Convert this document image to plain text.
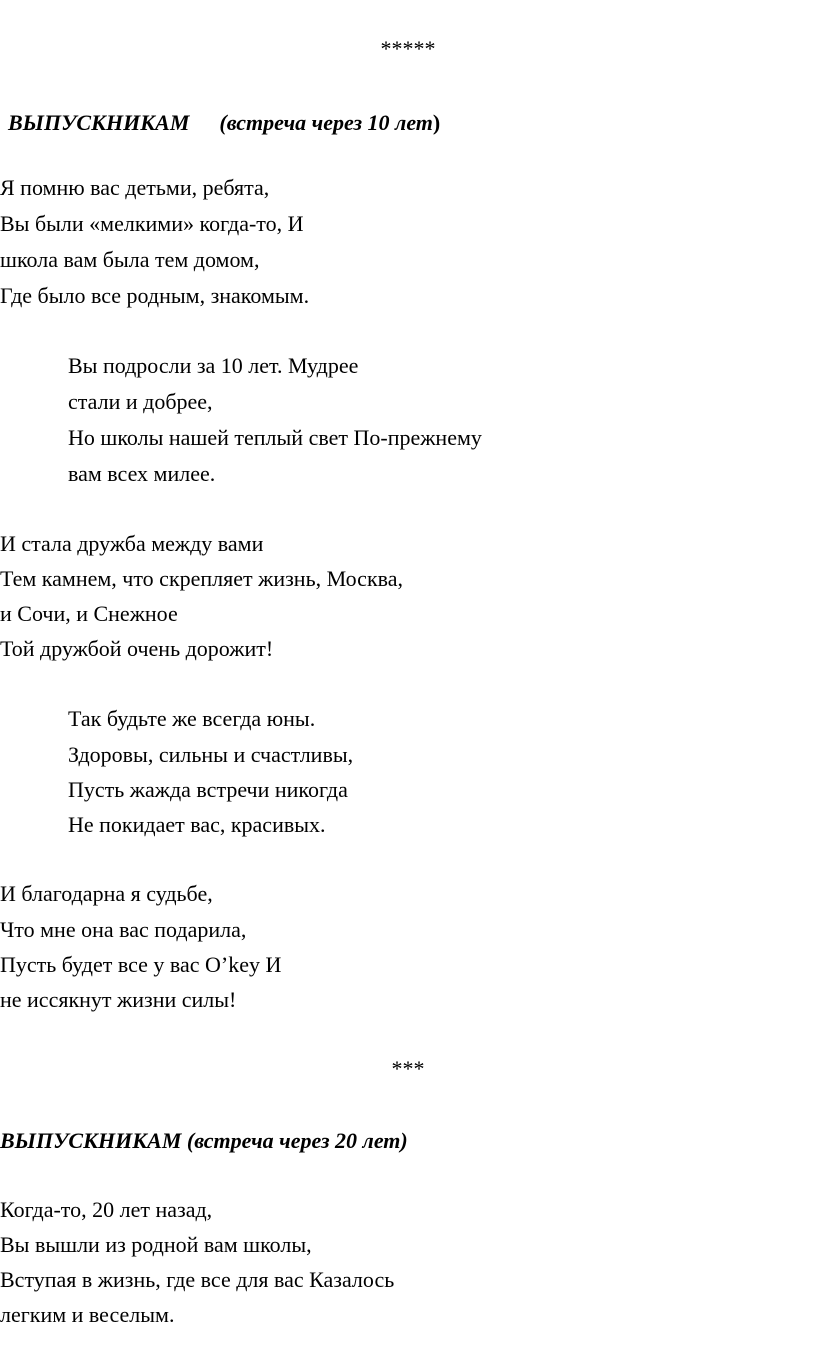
*****
ВЫПУСКНИКАМ (встреча через 10 лет)
Я помню вас детьми, ребята,
Вы были «мелкими» когда-то, И
школа вам была тем домом,
Где было все родным, знакомым.
Вы подросли за 10 лет. Мудрее
стали и добрее,
Но школы нашей теплый свет По-прежнему
вам всех милее.
И стала дружба между вами
Тем камнем, что скрепляет жизнь, Москва,
и Сочи, и Снежное
Той дружбой очень дорожит!
Так будьте же всегда юны.
Здоровы, сильны и счастливы,
Пусть жажда встречи никогда
Не покидает вас, красивых.
И благодарна я судьбе,
Что мне она вас подарила,
Пусть будет все у вас O’key И
не иссякнут жизни силы!
***
ВЫПУСКНИКАМ (встреча через 20 лет)
Когда-то, 20 лет назад,
Вы вышли из родной вам школы,
Вступая в жизнь, где все для вас Казалось
легким и веселым.
